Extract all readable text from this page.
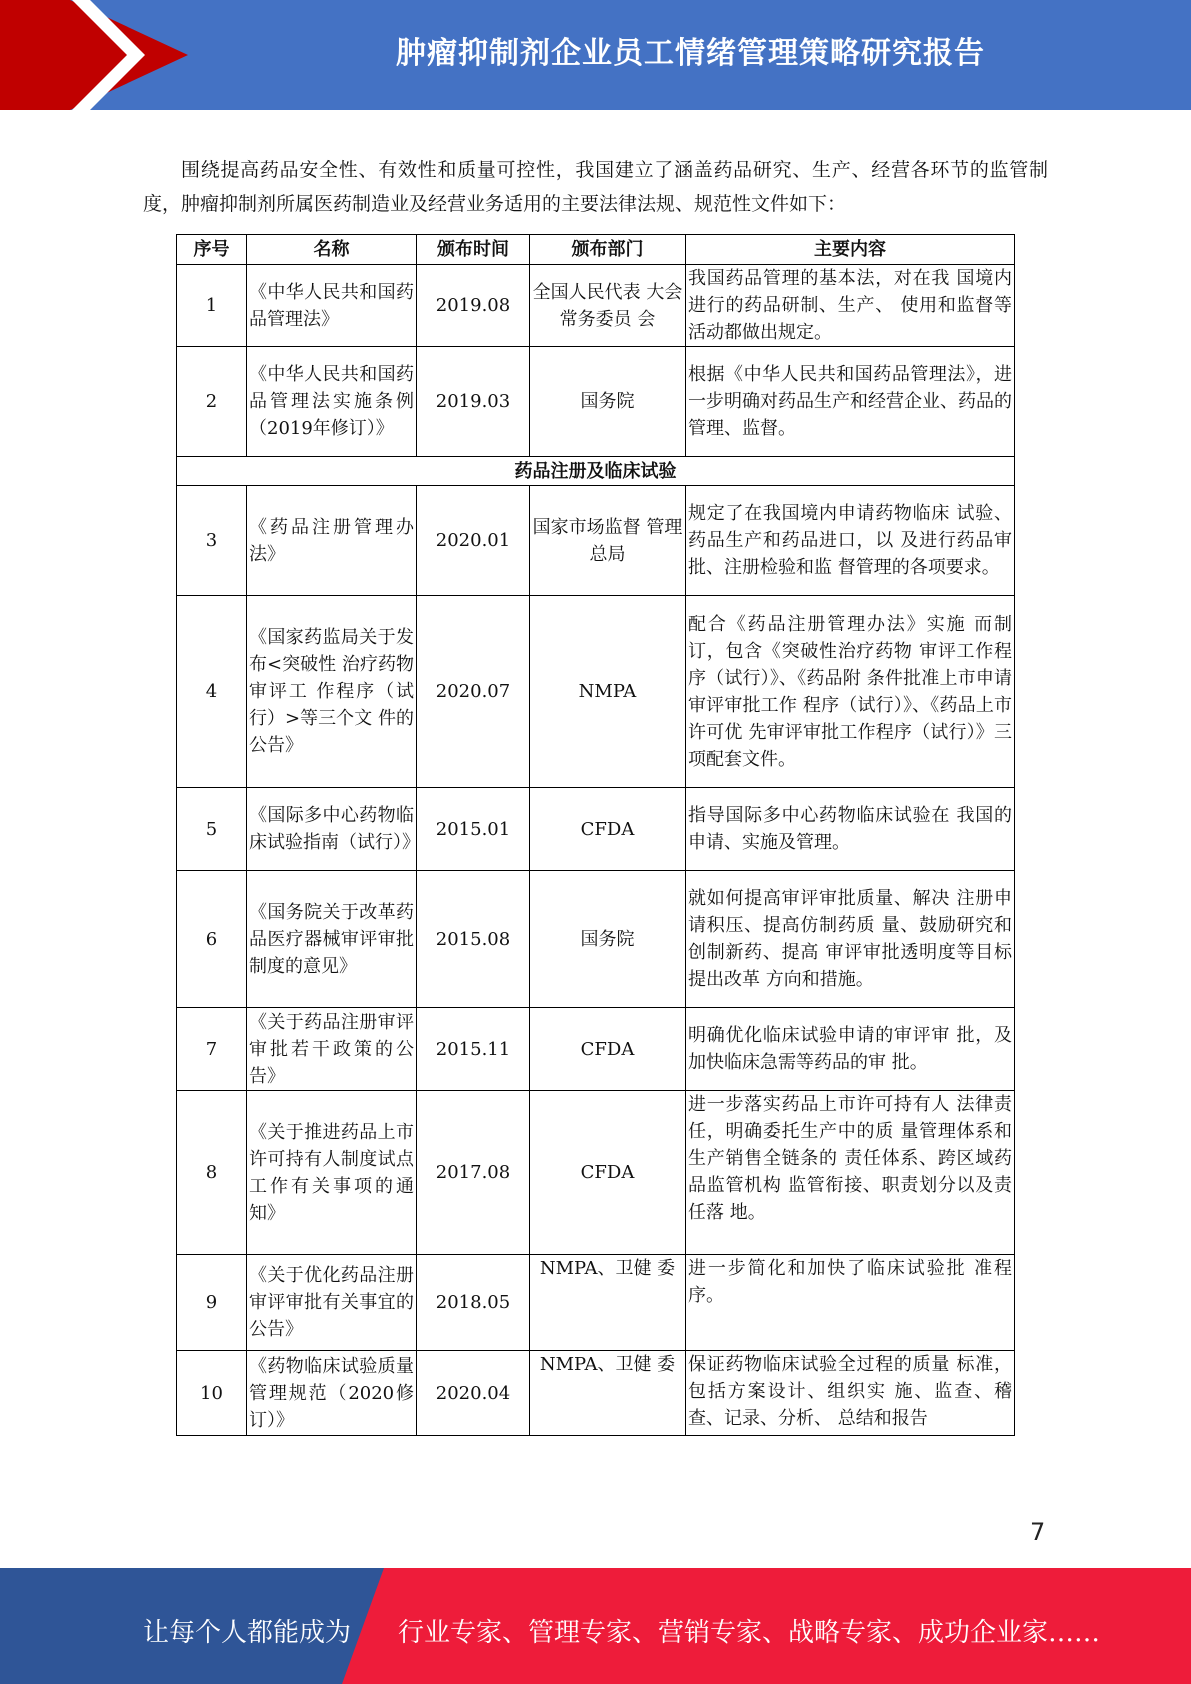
肿瘤抑制剂企业员工情绪管理策略研究报告

围绕提高药品安全性、有效性和质量可控性，我国建立了涵盖药品研究、生产、经营各环节的监管制度，肿瘤抑制剂所属医药制造业及经营业务适用的主要法律法规、规范性文件如下：

序号	名称	颁布时间	颁布部门	主要内容
1	《中华人民共和国药品管理法》	2019.08	全国人民代表 大会常务委员 会	我国药品管理的基本法，对在我 国境内进行的药品研制、生产、 使用和监督等活动都做出规定。
2	《中华人民共和国药品管理法实施条例（2019年修订）》	2019.03	国务院	根据《中华人民共和国药品管理法》，进一步明确对药品生产和经营企业、药品的管理、监督。
药品注册及临床试验				
3	《药品注册管理办法》	2020.01	国家市场监督 管理总局	规定了在我国境内申请药物临床 试验、药品生产和药品进口，以 及进行药品审批、注册检验和监 督管理的各项要求。
4	《国家药监局关于发布<突破性 治疗药物审评工 作程序（试 行）>等三个文 件的公告》	2020.07	NMPA	配合《药品注册管理办法》实施 而制订，包含《突破性治疗药物 审评工作程序（试行）》、《药品附 条件批准上市申请审评审批工作 程序（试行）》、《药品上市许可优 先审评审批工作程序（试行）》三 项配套文件。
5	《国际多中心药物临床试验指南（试行）》	2015.01	CFDA	指导国际多中心药物临床试验在 我国的申请、实施及管理。
6	《国务院关于改革药品医疗器械审评审批制度的意见》	2015.08	国务院	就如何提高审评审批质量、解决 注册申请积压、提高仿制药质 量、鼓励研究和创制新药、提高 审评审批透明度等目标提出改革 方向和措施。
7	《关于药品注册审评审批若干政策的公告》	2015.11	CFDA	明确优化临床试验申请的审评审 批，及加快临床急需等药品的审 批。
8	《关于推进药品上市许可持有人制度试点工作有关事项的通知》	2017.08	CFDA	进一步落实药品上市许可持有人 法律责任，明确委托生产中的质 量管理体系和生产销售全链条的 责任体系、跨区域药品监管机构 监管衔接、职责划分以及责任落 地。
9	《关于优化药品注册审评审批有关事宜的公告》	2018.05	NMPA、卫健 委	进一步简化和加快了临床试验批 准程序。
10	《药物临床试验质量管理规范（2020修订）》	2020.04	NMPA、卫健 委	保证药物临床试验全过程的质量 标准，包括方案设计、组织实 施、监查、稽查、记录、分析、 总结和报告
7
让每个人都能成为 行业专家、管理专家、营销专家、战略专家、成功企业家……
